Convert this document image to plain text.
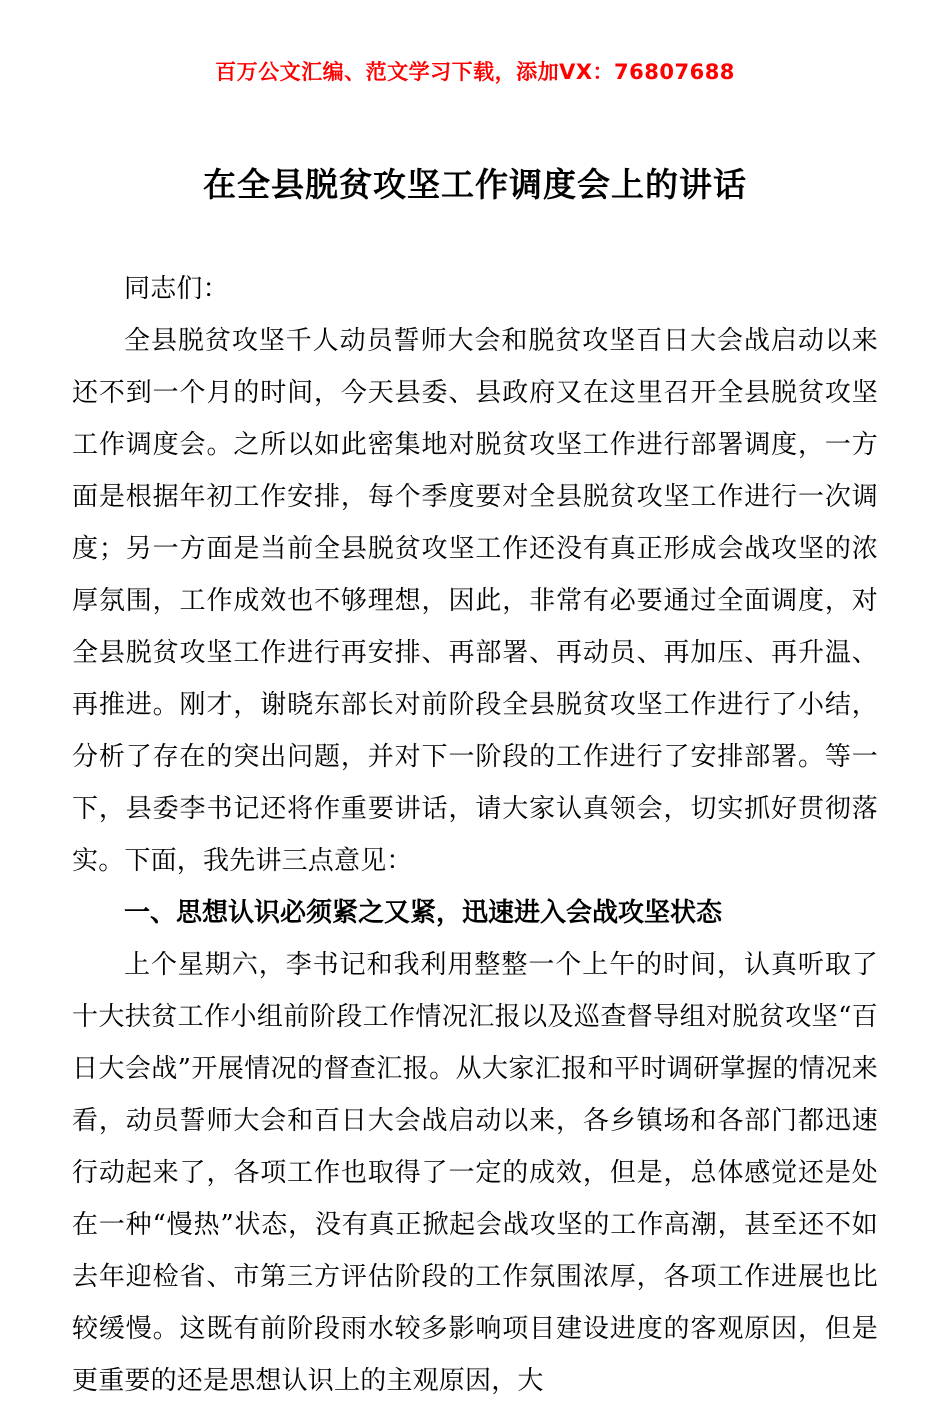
百万公文汇编、范文学习下载，添加VX：76807688
在全县脱贫攻坚工作调度会上的讲话

同志们：

全县脱贫攻坚千人动员誓师大会和脱贫攻坚百日大会战启动以来还不到一个月的时间，今天县委、县政府又在这里召开全县脱贫攻坚工作调度会。之所以如此密集地对脱贫攻坚工作进行部署调度，一方面是根据年初工作安排，每个季度要对全县脱贫攻坚工作进行一次调度；另一方面是当前全县脱贫攻坚工作还没有真正形成会战攻坚的浓厚氛围，工作成效也不够理想，因此，非常有必要通过全面调度，对全县脱贫攻坚工作进行再安排、再部署、再动员、再加压、再升温、再推进。刚才，谢晓东部长对前阶段全县脱贫攻坚工作进行了小结，分析了存在的突出问题，并对下一阶段的工作进行了安排部署。等一下，县委李书记还将作重要讲话，请大家认真领会，切实抓好贯彻落实。下面，我先讲三点意见：

一、思想认识必须紧之又紧，迅速进入会战攻坚状态

上个星期六，李书记和我利用整整一个上午的时间，认真听取了十大扶贫工作小组前阶段工作情况汇报以及巡查督导组对脱贫攻坚“百日大会战”开展情况的督查汇报。从大家汇报和平时调研掌握的情况来看，动员誓师大会和百日大会战启动以来，各乡镇场和各部门都迅速行动起来了，各项工作也取得了一定的成效，但是，总体感觉还是处在一种“慢热”状态，没有真正掀起会战攻坚的工作高潮，甚至还不如去年迎检省、市第三方评估阶段的工作氛围浓厚，各项工作进展也比较缓慢。这既有前阶段雨水较多影响项目建设进度的客观原因，但是更重要的还是思想认识上的主观原因，大
